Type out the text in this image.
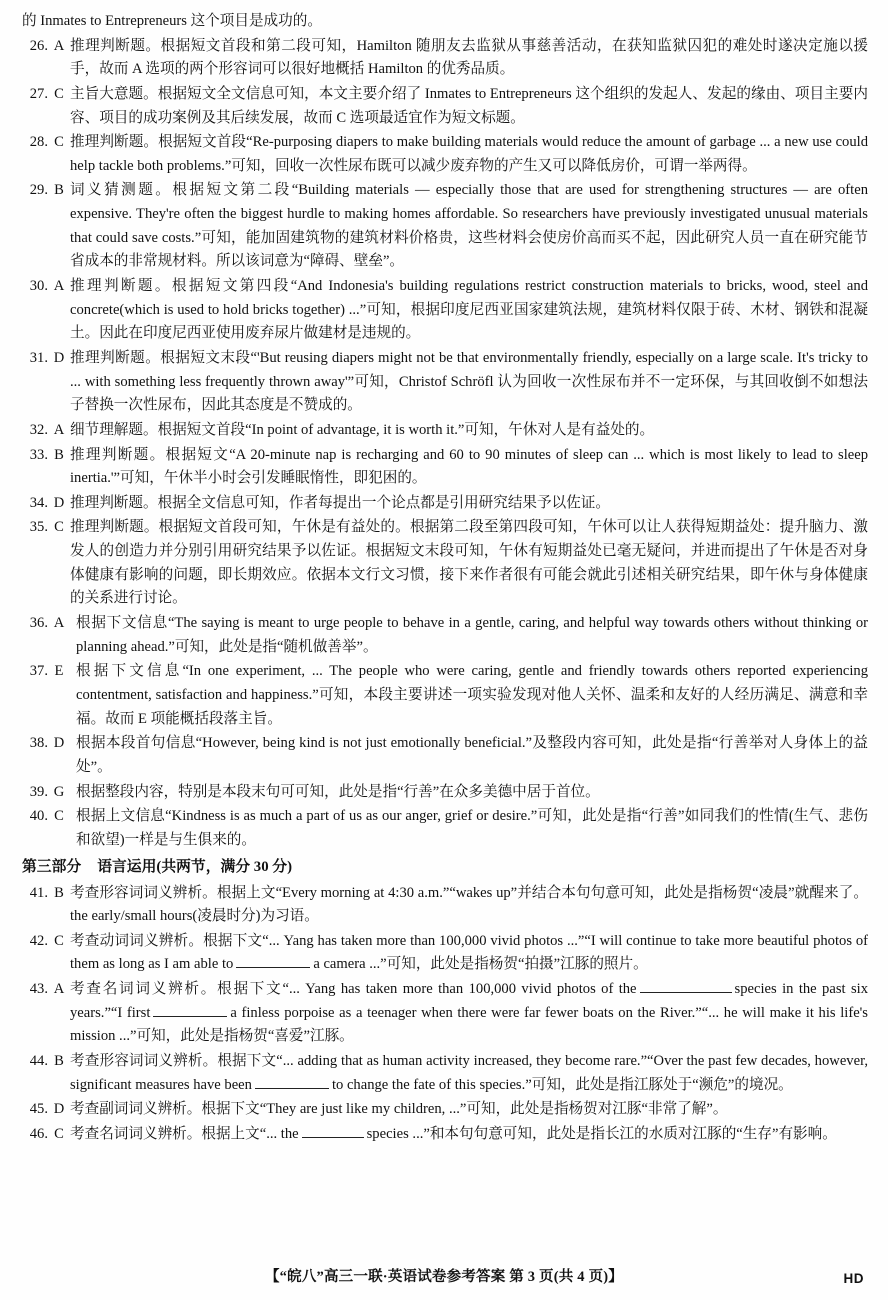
的 Inmates to Entrepreneurs 这个项目是成功的。
26. A 推理判断题。根据短文首段和第二段可知，Hamilton 随朋友去监狱从事慈善活动，在获知监狱囚犯的难处时遂决定施以援手，故而 A 选项的两个形容词可以很好地概括 Hamilton 的优秀品质。
27. C 主旨大意题。根据短文全文信息可知，本文主要介绍了 Inmates to Entrepreneurs 这个组织的发起人、发起的缘由、项目主要内容、项目的成功案例及其后续发展，故而 C 选项最适宜作为短文标题。
28. C 推理判断题。根据短文首段“Re-purposing diapers to make building materials would reduce the amount of garbage ... a new use could help tackle both problems.”可知，回收一次性尿布既可以减少废弃物的产生又可以降低房价，可谓一举两得。
29. B 词义猜测题。根据短文第二段“Building materials — especially those that are used for strengthening structures — are often expensive. They're often the biggest hurdle to making homes affordable. So researchers have previously investigated unusual materials that could save costs.”可知，能加固建筑物的建筑材料价格贵，这些材料会使房价高而买不起，因此研究人员一直在研究能节省成本的非常规材料。所以该词意为“障碍、壁垒”。
30. A 推理判断题。根据短文第四段“And Indonesia's building regulations restrict construction materials to bricks, wood, steel and concrete(which is used to hold bricks together) ...”可知，根据印度尼西亚国家建筑法规，建筑材料仅限于砖、木材、钢铁和混凝土。因此在印度尼西亚使用废弃尿片做建材是违规的。
31. D 推理判断题。根据短文末段“'But reusing diapers might not be that environmentally friendly, especially on a large scale. It's tricky to ... with something less frequently thrown away'”可知，Christof Schröfl 认为回收一次性尿布并不一定环保，与其回收倒不如想法子替换一次性尿布，因此其态度是不赞成的。
32. A 细节理解题。根据短文首段“In point of advantage, it is worth it.”可知，午休对人是有益处的。
33. B 推理判断题。根据短文“A 20-minute nap is recharging and 60 to 90 minutes of sleep can ... which is most likely to lead to sleep inertia.'”可知，午休半小时会引发睡眠惰性，即犯困的。
34. D 推理判断题。根据全文信息可知，作者每提出一个论点都是引用研究结果予以佐证。
35. C 推理判断题。根据短文首段可知，午休是有益处的。根据第二段至第四段可知，午休可以让人获得短期益处：提升脑力、激发人的创造力并分别引用研究结果予以佐证。根据短文末段可知，午休有短期益处已毫无疑问，并进而提出了午休是否对身体健康有影响的问题，即长期效应。依据本文行文习惯，接下来作者很有可能会就此引述相关研究结果，即午休与身体健康的关系进行讨论。
36. A 根据下文信息“The saying is meant to urge people to behave in a gentle, caring, and helpful way towards others without thinking or planning ahead.”可知，此处是指“随机做善举”。
37. E 根据下文信息“In one experiment, ... The people who were caring, gentle and friendly towards others reported experiencing contentment, satisfaction and happiness.”可知，本段主要讲述一项实验发现对他人关怀、温柔和友好的人经历满足、满意和幸福。故而 E 项能概括段落主旨。
38. D 根据本段首句信息“However, being kind is not just emotionally beneficial.”及整段内容可知，此处是指“行善举对人身体上的益处”。
39. G 根据整段内容，特别是本段末句可可知，此处是指“行善”在众多美德中居于首位。
40. C 根据上文信息“Kindness is as much a part of us as our anger, grief or desire.”可知，此处是指“行善”如同我们的性情(生气、悲伤和欲望)一样是与生俱来的。
第三部分 语言运用(共两节，满分 30 分)
41. B 考查形容词词义辨析。根据上文“Every morning at 4:30 a.m.”“wakes up”并结合本句句意可知，此处是指杨贺“凌晨”就醒来了。the early/small hours(凌晨时分)为习语。
42. C 考查动词词义辨析。根据下文“... Yang has taken more than 100,000 vivid photos ...”“I will continue to take more beautiful photos of them as long as I am able to	a camera ...”可知，此处是指杨贺“拍摄”江豚的照片。
43. A 考查名词词义辨析。根据下文“... Yang has taken more than 100,000 vivid photos of the	species in the past six years.”“I first	a finless porpoise as a teenager when there were far fewer boats on the River.”“... he will make it his life's mission ...”可知，此处是指杨贺“喜爱”江豚。
44. B 考查形容词词义辨析。根据下文“... adding that as human activity increased, they become rare.”“Over the past few decades, however, significant measures have been	to change the fate of this species.”可知，此处是指江豚处于“濒危”的境况。
45. D 考查副词词义辨析。根据下文“They are just like my children, ...”可知，此处是指杨贺对江豚“非常了解”。
46. C 考查名词词义辨析。根据上文“... the	species ...”和本句句意可知，此处是指长江的水质对江豚的“生存”有影响。
【“皖八”高三一联·英语试卷参考答案 第 3 页(共 4 页)】	HD
